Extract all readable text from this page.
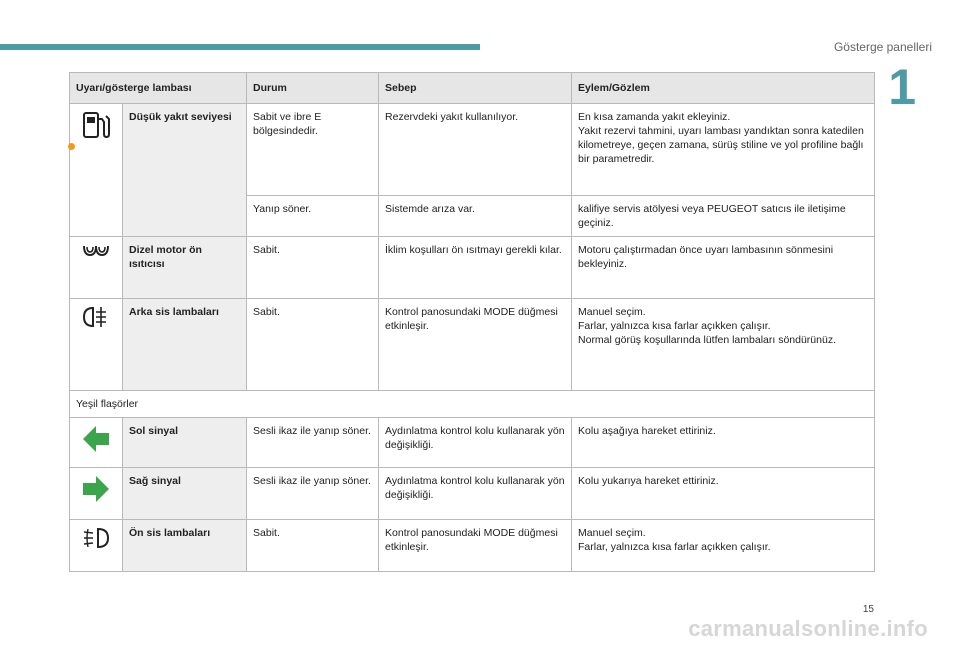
Gösterge panelleri
1
Uyarı/gösterge lambası		Durum	Sebep	Eylem/Gözlem

	Düşük yakıt seviyesi	Sabit ve ibre E bölgesindedir.	Rezervdeki yakıt kullanılıyor.	En kısa zamanda yakıt ekleyiniz.
Yakıt rezervi tahmini, uyarı lambası yandıktan sonra katedilen kilometreye, geçen zamana, sürüş stiline ve yol profiline bağlı bir parametredir.

		Yanıp söner.	Sistemde arıza var.	kalifiye servis atölyesi veya PEUGEOT satıcıs ile iletişime geçiniz.
	Dizel motor ön ısıtıcısı	Sabit.	İklim koşulları ön ısıtmayı gerekli kılar.	Motoru çalıştırmadan önce uyarı lambasının sönmesini bekleyiniz.
	Arka sis lambaları	Sabit.	Kontrol panosundaki MODE düğmesi etkinleşir.	Manuel seçim.
Farlar, yalnızca kısa farlar açıkken çalışır.
Normal görüş koşullarında lütfen lambaları söndürünüz.

Yeşil flaşörler				
	Sol sinyal	Sesli ikaz ile yanıp söner.	Aydınlatma kontrol kolu kullanarak yön değişikliği.	Kolu aşağıya hareket ettiriniz.
	Sağ sinyal	Sesli ikaz ile yanıp söner.	Aydınlatma kontrol kolu kullanarak yön değişikliği.	Kolu yukarıya hareket ettiriniz.
	Ön sis lambaları	Sabit.	Kontrol panosundaki MODE düğmesi etkinleşir.	Manuel seçim.
Farlar, yalnızca kısa farlar açıkken çalışır.
15
carmanualsonline.info
